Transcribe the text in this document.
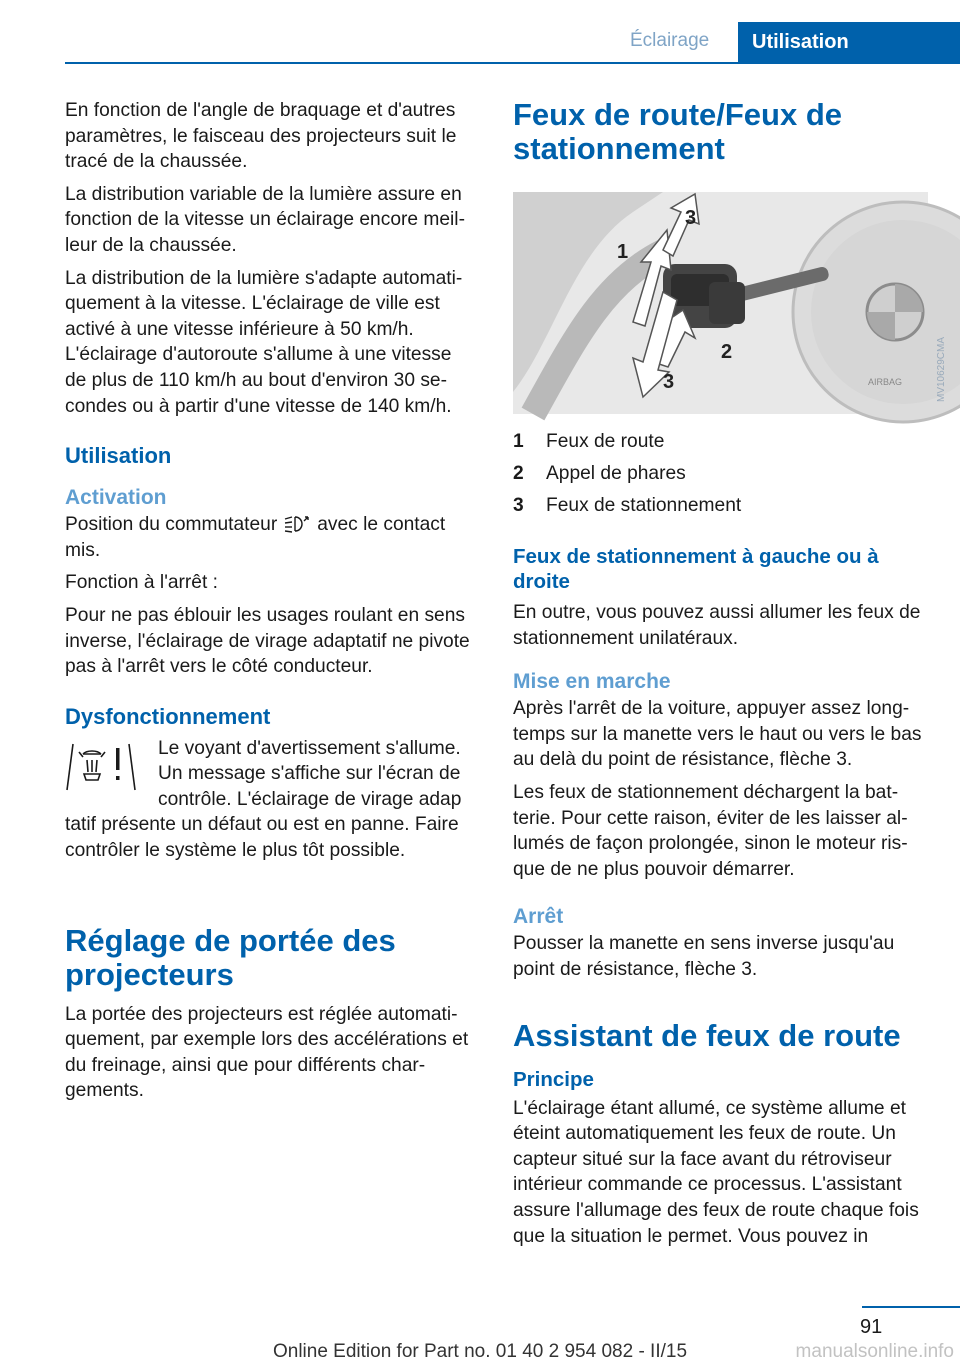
Éclairage	Utilisation

En fonction de l'angle de braquage et d'autres paramètres, le faisceau des projecteurs suit le tracé de la chaussée.

La distribution variable de la lumière assure en fonction de la vitesse un éclairage encore meilleur de la chaussée.

La distribution de la lumière s'adapte automatiquement à la vitesse. L'éclairage de ville est activé à une vitesse inférieure à 50 km/h. L'éclairage d'autoroute s'allume à une vitesse de plus de 110 km/h au bout d'environ 30 secondes ou à partir d'une vitesse de 140 km/h.

Utilisation
Activation

Position du commutateur avec le contact mis.

Fonction à l'arrêt :

Pour ne pas éblouir les usages roulant en sens inverse, l'éclairage de virage adaptatif ne pivote pas à l'arrêt vers le côté conducteur.

Dysfonctionnement

Le voyant d'avertissement s'allume.

Un message s'affiche sur l'écran de

contrôle. L'éclairage de virage adap

tatif présente un défaut ou est en panne. Faire contrôler le système le plus tôt possible.

Réglage de portée des projecteurs

La portée des projecteurs est réglée automatiquement, par exemple lors des accélérations et du freinage, ainsi que pour différents chargements.

Feux de route/Feux de stationnement
AIRBAG
1
2
3
3	MV10629CMA
1	Feux de route
2	Appel de phares
3	Feux de stationnement
Feux de stationnement à gauche ou à droite

En outre, vous pouvez aussi allumer les feux de stationnement unilatéraux.

Mise en marche

Après l'arrêt de la voiture, appuyer assez longtemps sur la manette vers le haut ou vers le bas au delà du point de résistance, flèche 3.

Les feux de stationnement déchargent la batterie. Pour cette raison, éviter de les laisser allumés de façon prolongée, sinon le moteur risque de ne plus pouvoir démarrer.

Arrêt

Pousser la manette en sens inverse jusqu'au point de résistance, flèche 3.

Assistant de feux de route
Principe

L'éclairage étant allumé, ce système allume et éteint automatiquement les feux de route. Un capteur situé sur la face avant du rétroviseur intérieur commande ce processus. L'assistant assure l'allumage des feux de route chaque fois que la situation le permet. Vous pouvez in

91
Online Edition for Part no. 01 40 2 954 082 - II/15	manualsonline.info
